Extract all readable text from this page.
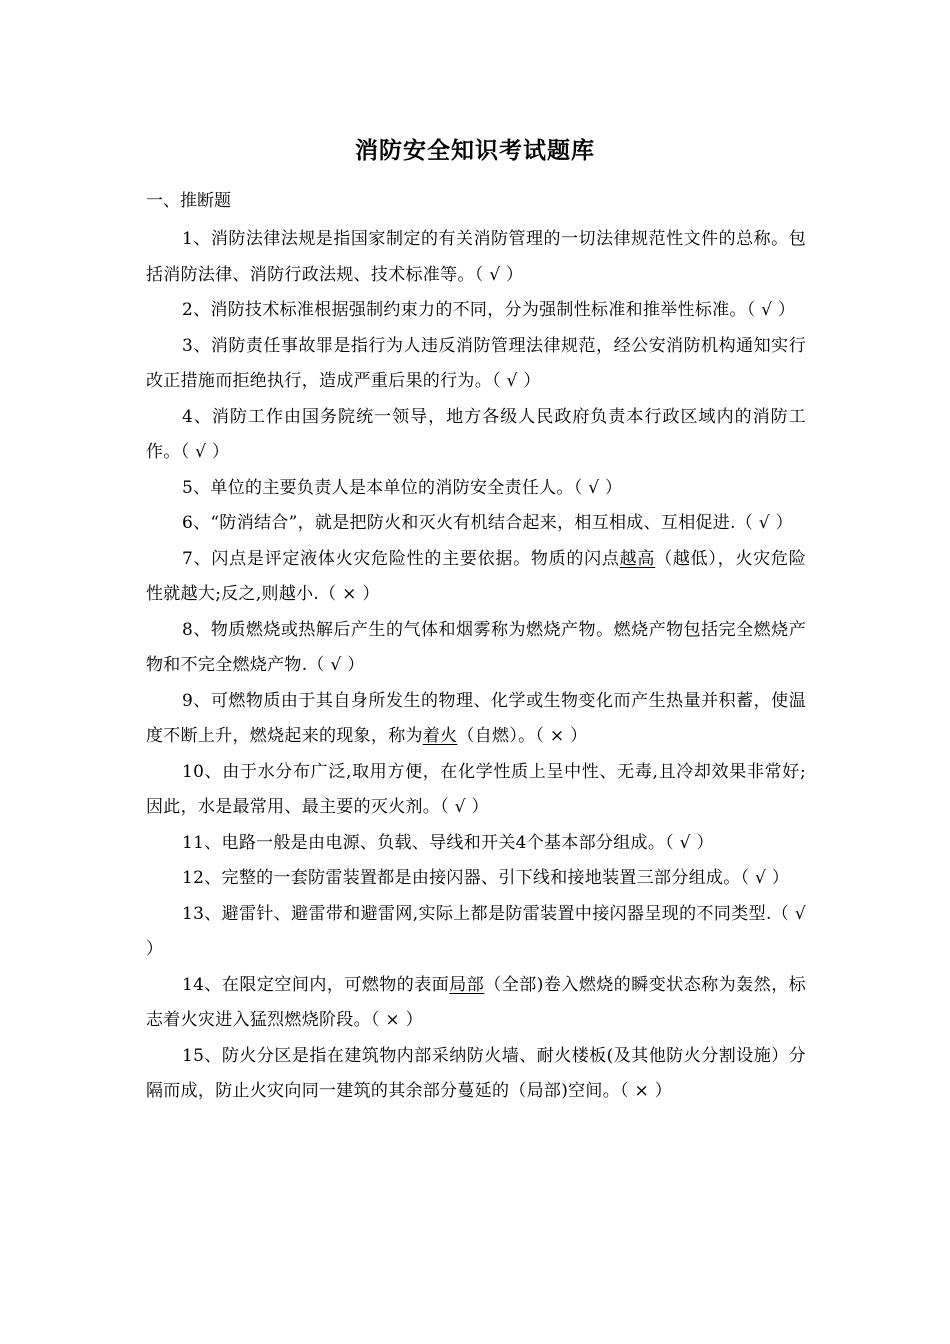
消防安全知识考试题库
一、推断题

1、消防法律法规是指国家制定的有关消防管理的一切法律规范性文件的总称。包括消防法律、消防行政法规、技术标准等。（ √ ）

2、消防技术标准根据强制约束力的不同，分为强制性标准和推举性标准。（ √ ）

3、消防责任事故罪是指行为人违反消防管理法律规范，经公安消防机构通知实行改正措施而拒绝执行，造成严重后果的行为。（ √ ）

4、消防工作由国务院统一领导，地方各级人民政府负责本行政区域内的消防工作。（ √ ）

5、单位的主要负责人是本单位的消防安全责任人。（ √ ）

6、“防消结合”，就是把防火和灭火有机结合起来，相互相成、互相促进.（ √ ）

7、闪点是评定液体火灾危险性的主要依据。物质的闪点越高（越低），火灾危险性就越大;反之,则越小.（ × ）

8、物质燃烧或热解后产生的气体和烟雾称为燃烧产物。燃烧产物包括完全燃烧产物和不完全燃烧产物.（ √ ）

9、可燃物质由于其自身所发生的物理、化学或生物变化而产生热量并积蓄，使温度不断上升，燃烧起来的现象，称为着火（自燃）。（ × ）

10、由于水分布广泛,取用方便，在化学性质上呈中性、无毒,且冷却效果非常好;因此，水是最常用、最主要的灭火剂。（ √ ）

11、电路一般是由电源、负载、导线和开关4个基本部分组成。（ √ ）

12、完整的一套防雷装置都是由接闪器、引下线和接地装置三部分组成。（ √ ）

13、避雷针、避雷带和避雷网,实际上都是防雷装置中接闪器呈现的不同类型.（ √ ）

14、在限定空间内，可燃物的表面局部（全部)卷入燃烧的瞬变状态称为轰然，标志着火灾进入猛烈燃烧阶段。（ × ）

15、防火分区是指在建筑物内部采纳防火墙、耐火楼板(及其他防火分割设施）分隔而成，防止火灾向同一建筑的其余部分蔓延的（局部)空间。（ × ）
